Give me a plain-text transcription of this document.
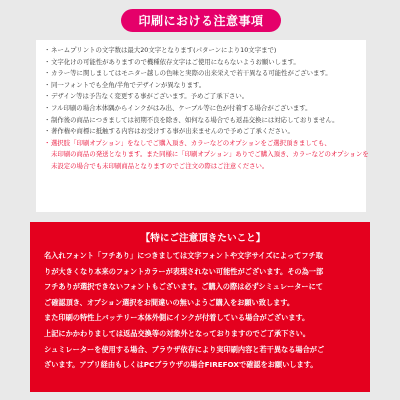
印刷における注意事項
・ ネームプリントの文字数は最大20文字となります(パターンにより10文字まで)
・ 文字化けの可能性がありますので機種依存文字はご使用にならないようお願いします。
・ カラー等に関しましてはモニター越しの色味と実際の出来栄えで若干異なる可能性がございます。
・ 同一フォントでも全角/半角でデザインが異なります。
・ デザイン等は予告なく変更する事がございます。予めご了承下さい。
・ フル印刷の場合本体隅からインクがはみ出、ケーブル等に色が付着する場合がございます。
・ 制作後の商品につきましては初期不良を除き、如何なる場合でも返品交換には対応しておりません。
・ 著作権や商標に抵触する内容はお受けする事が出来ませんので予めご了承ください。
・ 選択肢「印刷オプション」をなしでご購入頂き、カラーなどのオプションをご選択頂きましても、
未印刷の商品の発送となります。また同様に「印刷オプション」ありでご購入頂き、カラーなどのオプションを
未設定の場合でも未印刷商品となりますのでご注文の際はご注意ください。
【特にご注意頂きたいこと】
名入れフォント「フチあり」につきましては文字フォントや文字サイズによってフチ取
りが大きくなり本来のフォントカラーが表現されない可能性がございます。その為一部
フチありが選択できないフォントもございます。ご購入の際は必ずシミュレーターにて
ご確認頂き、オプション選択をお間違いの無いようご購入をお願い致します。
また印刷の特性上バッテリー本体外側にインクが付着している場合がございます。
上記にかかわりましては返品交換等の対象外となっておりますのでご了承下さい。
シュミレーターを使用する場合、ブラウザ依存により実印刷内容と若干異なる場合がご
ざいます。アプリ経由もしくはPCブラウザの場合FIREFOXで確認をお願いします。
